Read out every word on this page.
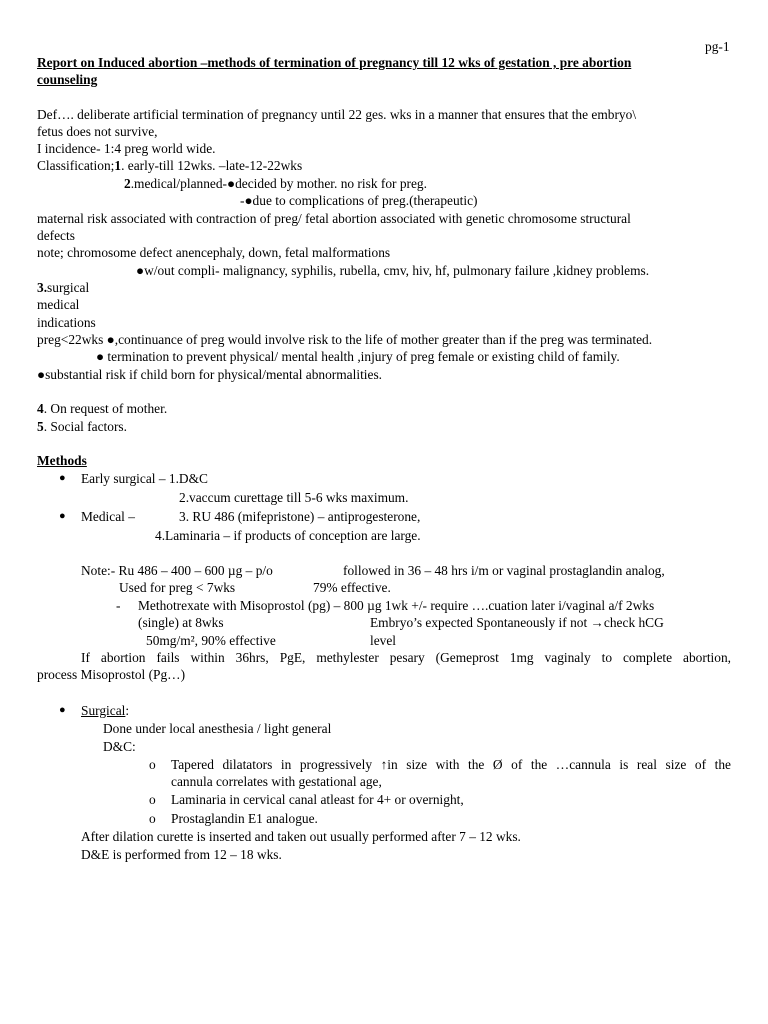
pg-1
Report on Induced abortion –methods of termination of pregnancy till 12 wks of gestation , pre abortion
counseling
Def…. deliberate artificial termination of pregnancy until 22 ges. wks in a manner that ensures that the embryo\
fetus does not survive,
I incidence- 1:4 preg world wide.
Classification;1. early-till 12wks. –late-12-22wks
2.medical/planned-●decided by mother. no risk for preg.
-●due to complications of preg.(therapeutic)
maternal risk associated with contraction of preg/ fetal abortion associated with genetic chromosome structural
defects
note; chromosome defect anencephaly, down, fetal malformations
●w/out compli- malignancy, syphilis, rubella, cmv, hiv, hf, pulmonary failure ,kidney problems.
3.surgical
medical
indications
preg<22wks ●,continuance of preg would involve risk to the life of mother greater than if the preg was terminated.
● termination to prevent physical/ mental health ,injury of preg female or existing child of family.
●substantial risk if child born for physical/mental abnormalities.
4. On request of mother.
5. Social factors.
Methods
● Early surgical – 1.D&C
2.vaccum curettage till 5-6 wks maximum.
● Medical –	3. RU 486 (mifepristone) – antiprogesterone,
4.Laminaria – if products of conception are large.
Note:- Ru 486 – 400 – 600 µg – p/o	followed in 36 – 48 hrs i/m or vaginal prostaglandin analog,
Used for preg < 7wks	79% effective.
- Methotrexate with Misoprostol (pg) – 800 µg 1wk +/- require ….cuation later i/vaginal a/f 2wks
(single) at 8wks	Embryo’s expected Spontaneously if not →check hCG
50mg/m², 90% effective	level
If abortion fails within 36hrs, PgE, methylester pesary (Gemeprost 1mg vaginaly to complete abortion,
process Misoprostol (Pg…)
● Surgical:
Done under local anesthesia / light general
D&C:
o Tapered dilatators in progressively ↑in size with the Ø of the …cannula is real size of the
cannula correlates with gestational age,
o Laminaria in cervical canal atleast for 4+ or overnight,
o Prostaglandin E1 analogue.
After dilation curette is inserted and taken out usually performed after 7 – 12 wks.
D&E is performed from 12 – 18 wks.
